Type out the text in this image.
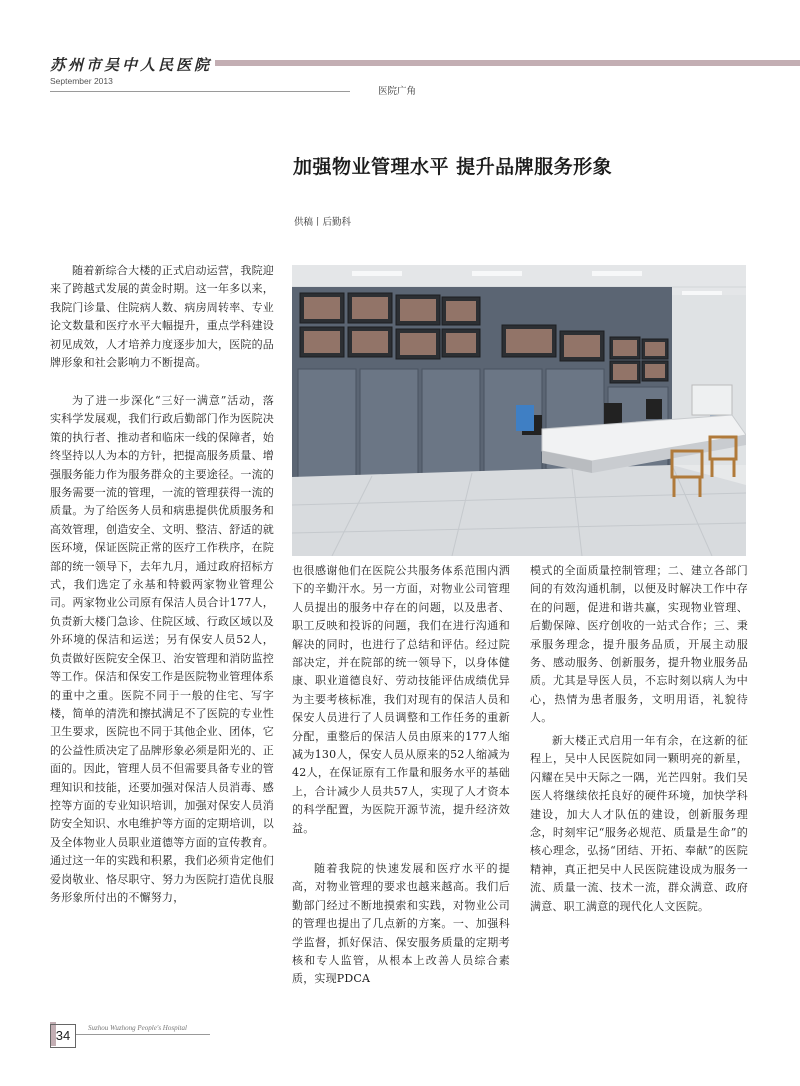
苏州市吴中人民医院
September 2013
医院广角
加强物业管理水平 提升品牌服务形象
供稿丨后勤科

随着新综合大楼的正式启动运营，我院迎来了跨越式发展的黄金时期。这一年多以来，我院门诊量、住院病人数、病房周转率、专业论文数量和医疗水平大幅提升，重点学科建设初见成效，人才培养力度逐步加大，医院的品牌形象和社会影响力不断提高。

为了进一步深化“三好一满意”活动，落实科学发展观，我们行政后勤部门作为医院决策的执行者、推动者和临床一线的保障者，始终坚持以人为本的方针，把提高服务质量、增强服务能力作为服务群众的主要途径。一流的服务需要一流的管理，一流的管理获得一流的质量。为了给医务人员和病患提供优质服务和高效管理，创造安全、文明、整洁、舒适的就医环境，保证医院正常的医疗工作秩序，在院部的统一领导下，去年九月，通过政府招标方式，我们选定了永基和特毅两家物业管理公司。两家物业公司原有保洁人员合计177人，负责新大楼门急诊、住院区域、行政区域以及外环境的保洁和运送；另有保安人员52人，负责做好医院安全保卫、治安管理和消防监控等工作。保洁和保安工作是医院物业管理体系的重中之重。医院不同于一般的住宅、写字楼，简单的清洗和擦拭满足不了医院的专业性卫生要求，医院也不同于其他企业、团体，它的公益性质决定了品牌形象必须是阳光的、正面的。因此，管理人员不但需要具备专业的管理知识和技能，还要加强对保洁人员消毒、感控等方面的专业知识培训，加强对保安人员消防安全知识、水电维护等方面的定期培训，以及全体物业人员职业道德等方面的宣传教育。通过这一年的实践和积累，我们必须肯定他们爱岗敬业、恪尽职守、努力为医院打造优良服务形象所付出的不懈努力，

也很感谢他们在医院公共服务体系范围内洒下的辛勤汗水。另一方面，对物业公司管理人员提出的服务中存在的问题，以及患者、职工反映和投诉的问题，我们在进行沟通和解决的同时，也进行了总结和评估。经过院部决定，并在院部的统一领导下，以身体健康、职业道德良好、劳动技能评估成绩优异为主要考核标准，我们对现有的保洁人员和保安人员进行了人员调整和工作任务的重新分配，重整后的保洁人员由原来的177人缩减为130人，保安人员从原来的52人缩减为42人，在保证原有工作量和服务水平的基础上，合计减少人员共57人，实现了人才资本的科学配置，为医院开源节流，提升经济效益。

随着我院的快速发展和医疗水平的提高，对物业管理的要求也越来越高。我们后勤部门经过不断地摸索和实践，对物业公司的管理也提出了几点新的方案。一、加强科学监督，抓好保洁、保安服务质量的定期考核和专人监管，从根本上改善人员综合素质，实现PDCA

模式的全面质量控制管理；二、建立各部门间的有效沟通机制，以便及时解决工作中存在的问题，促进和谐共赢，实现物业管理、后勤保障、医疗创收的一站式合作；三、秉承服务理念，提升服务品质，开展主动服务、感动服务、创新服务，提升物业服务品质。尤其是导医人员，不忘时刻以病人为中心，热情为患者服务，文明用语，礼貌待人。

新大楼正式启用一年有余，在这新的征程上，吴中人民医院如同一颗明亮的新星，闪耀在吴中天际之一隅，光芒四射。我们吴医人将继续依托良好的硬件环境，加快学科建设，加大人才队伍的建设，创新服务理念，时刻牢记“服务必规范、质量是生命”的核心理念，弘扬“团结、开拓、奉献”的医院精神，真正把吴中人民医院建设成为服务一流、质量一流、技术一流，群众满意、政府满意、职工满意的现代化人文医院。

34	Suzhou Wuzhong People's Hospital
